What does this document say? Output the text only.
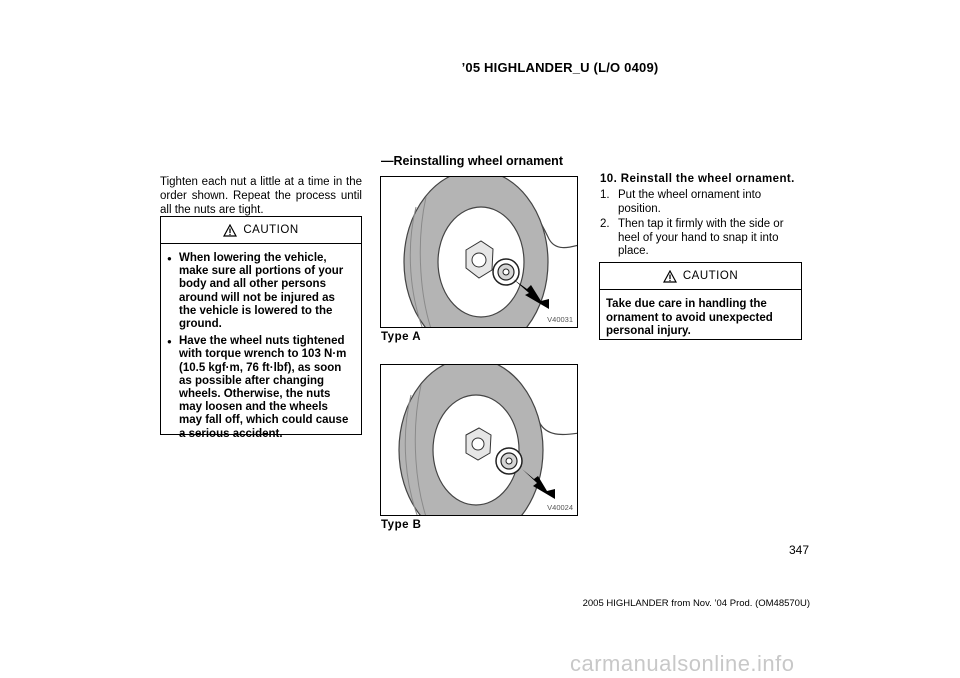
’05 HIGHLANDER_U (L/O 0409)
Tighten each nut a little at a time in the order shown. Repeat the process until all the nuts are tight.
CAUTION
● When lowering the vehicle, make sure all portions of your body and all other persons around will not be injured as the vehicle is lowered to the ground.
● Have the wheel nuts tightened with torque wrench to 103 N·m (10.5 kgf·m, 76 ft·lbf), as soon as possible after changing wheels. Otherwise, the nuts may loosen and the wheels may fall off, which could cause a serious accident.
—Reinstalling wheel ornament
V40031
Type A
V40024
Type B
10. Reinstall the wheel ornament.
1. Put the wheel ornament into position.
2. Then tap it firmly with the side or heel of your hand to snap it into place.
CAUTION
Take due care in handling the ornament to avoid unexpected personal injury.
347
2005 HIGHLANDER from Nov. ’04 Prod. (OM48570U)
carmanualsonline.info
